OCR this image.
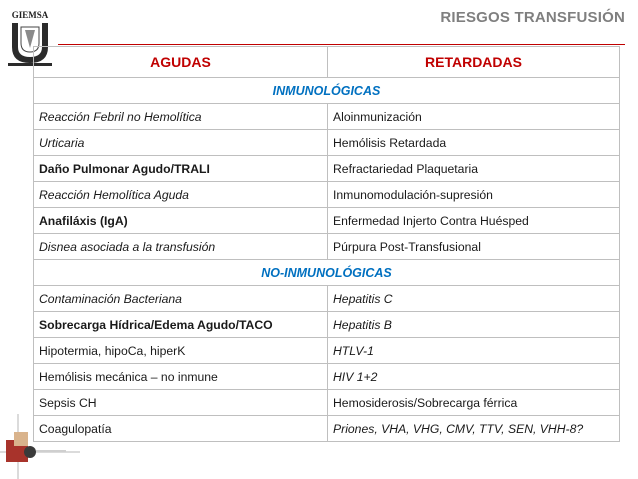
GIEMSA	RIESGOS TRANSFUSIÓN
AGUDAS	RETARDADAS
INMUNOLÓGICAS	
Reacción Febril no Hemolítica	Aloinmunización
Urticaria	Hemólisis Retardada
Daño Pulmonar Agudo/TRALI	Refractariedad Plaquetaria
Reacción Hemolítica Aguda	Inmunomodulación-supresión
Anafiláxis (IgA)	Enfermedad Injerto Contra Huésped
Disnea asociada a la transfusión	Púrpura Post-Transfusional
NO-INMUNOLÓGICAS	
Contaminación Bacteriana	Hepatitis C
Sobrecarga Hídrica/Edema Agudo/TACO	Hepatitis B
Hipotermia, hipoCa, hiperK	HTLV-1
Hemólisis mecánica – no inmune	HIV 1+2
Sepsis CH	Hemosiderosis/Sobrecarga férrica
Coagulopatía	Priones, VHA, VHG, CMV, TTV, SEN, VHH-8?
